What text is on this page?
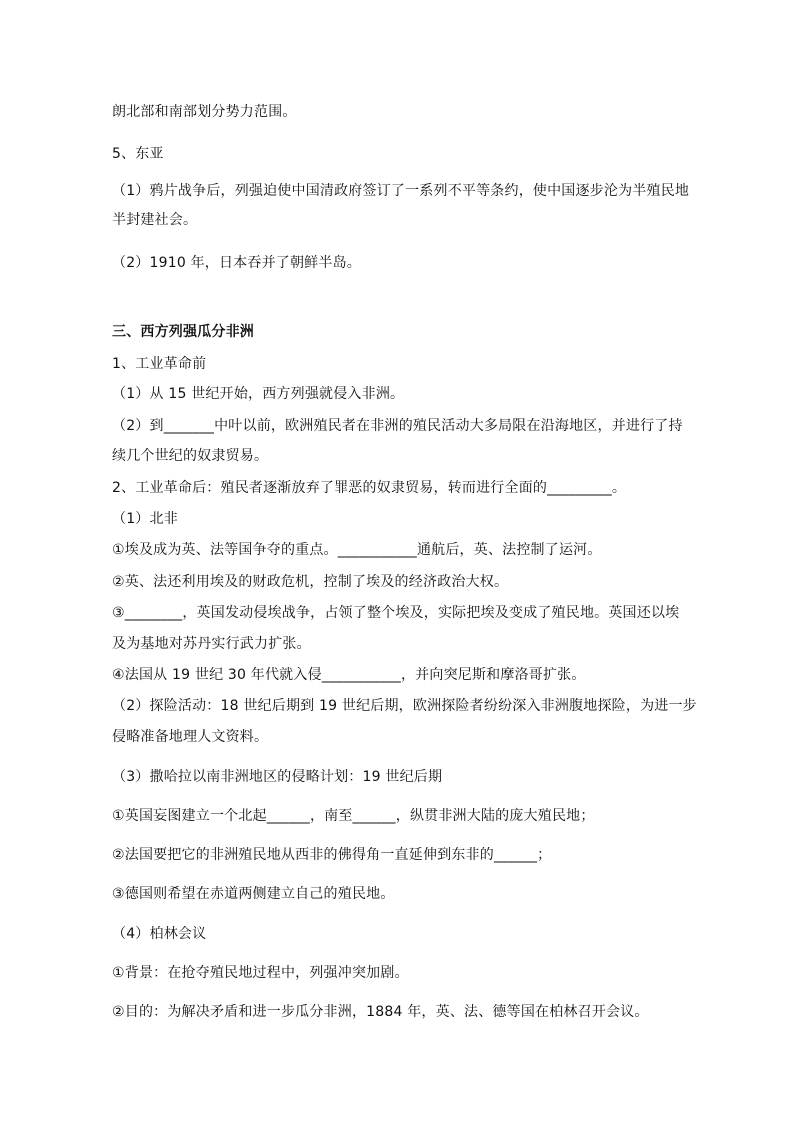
朗北部和南部划分势力范围。
5、东亚
（1）鸦片战争后，列强迫使中国清政府签订了一系列不平等条约，使中国逐步沦为半殖民地
半封建社会。
（2）1910 年，日本吞并了朝鲜半岛。
三、西方列强瓜分非洲
1、工业革命前
（1）从 15 世纪开始，西方列强就侵入非洲。
（2）到_______中叶以前，欧洲殖民者在非洲的殖民活动大多局限在沿海地区，并进行了持
续几个世纪的奴隶贸易。
2、工业革命后：殖民者逐渐放弃了罪恶的奴隶贸易，转而进行全面的_________。
（1）北非
①埃及成为英、法等国争夺的重点。___________通航后，英、法控制了运河。
②英、法还利用埃及的财政危机，控制了埃及的经济政治大权。
③________，英国发动侵埃战争，占领了整个埃及，实际把埃及变成了殖民地。英国还以埃
及为基地对苏丹实行武力扩张。
④法国从 19 世纪 30 年代就入侵___________，并向突尼斯和摩洛哥扩张。
（2）探险活动：18 世纪后期到 19 世纪后期，欧洲探险者纷纷深入非洲腹地探险，为进一步
侵略准备地理人文资料。
（3）撒哈拉以南非洲地区的侵略计划：19 世纪后期
①英国妄图建立一个北起______，南至______，纵贯非洲大陆的庞大殖民地；
②法国要把它的非洲殖民地从西非的佛得角一直延伸到东非的______；
③德国则希望在赤道两侧建立自己的殖民地。
（4）柏林会议
①背景：在抢夺殖民地过程中，列强冲突加剧。
②目的：为解决矛盾和进一步瓜分非洲，1884 年，英、法、德等国在柏林召开会议。
